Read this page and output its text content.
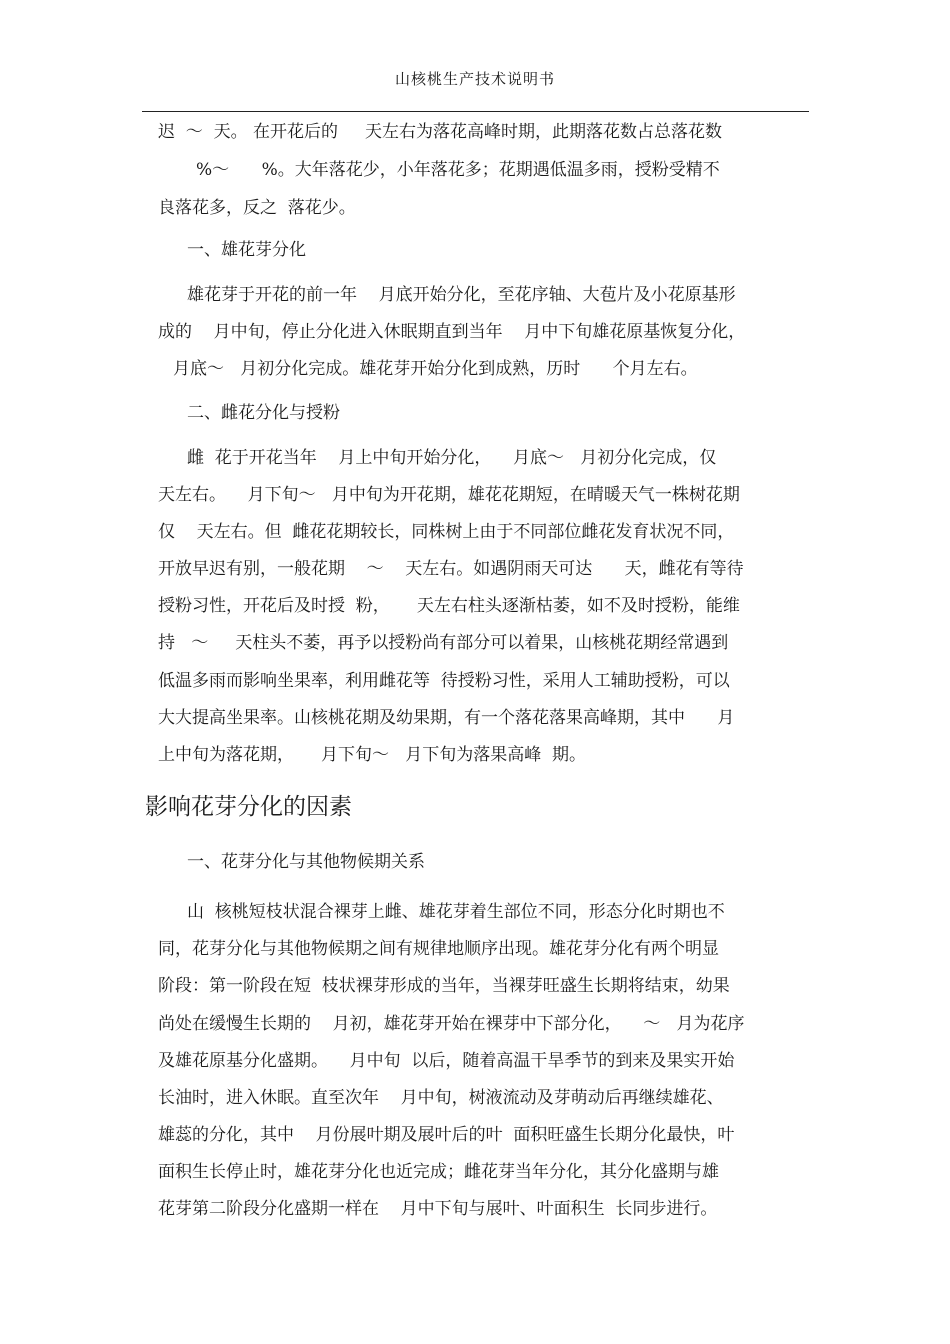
山核桃生产技术说明书
迟  ～  天。 在开花后的     天左右为落花高峰时期，此期落花数占总落花数
%～      %。大年落花少，小年落花多；花期遇低温多雨，授粉受精不
良落花多，反之  落花少。
一、雄花芽分化
雄花芽于开花的前一年    月底开始分化，至花序轴、大苞片及小花原基形
成的    月中旬，停止分化进入休眠期直到当年    月中下旬雄花原基恢复分化，
月底～   月初分化完成。雄花芽开始分化到成熟，历时      个月左右。
二、雌花分化与授粉
雌  花于开花当年    月上中旬开始分化，    月底～   月初分化完成，仅
天左右。    月下旬～   月中旬为开花期，雄花花期短，在晴暖天气一株树花期
仅    天左右。但  雌花花期较长，同株树上由于不同部位雌花发育状况不同，
开放早迟有别，一般花期    ～    天左右。如遇阴雨天可达      天，雌花有等待
授粉习性，开花后及时授  粉，     天左右柱头逐渐枯萎，如不及时授粉，能维
持   ～     天柱头不萎，再予以授粉尚有部分可以着果，山核桃花期经常遇到
低温多雨而影响坐果率，利用雌花等  待授粉习性，采用人工辅助授粉，可以
大大提高坐果率。山核桃花期及幼果期，有一个落花落果高峰期，其中      月
上中旬为落花期，     月下旬～   月下旬为落果高峰  期。
影响花芽分化的因素
一、花芽分化与其他物候期关系
山  核桃短枝状混合裸芽上雌、雄花芽着生部位不同，形态分化时期也不
同，花芽分化与其他物候期之间有规律地顺序出现。雄花芽分化有两个明显
阶段：第一阶段在短  枝状裸芽形成的当年，当裸芽旺盛生长期将结束，幼果
尚处在缓慢生长期的    月初，雄花芽开始在裸芽中下部分化，    ～   月为花序
及雄花原基分化盛期。    月中旬  以后，随着高温干旱季节的到来及果实开始
长油时，进入休眠。直至次年    月中旬，树液流动及芽萌动后再继续雄花、
雄蕊的分化，其中    月份展叶期及展叶后的叶  面积旺盛生长期分化最快，叶
面积生长停止时，雄花芽分化也近完成；雌花芽当年分化，其分化盛期与雄
花芽第二阶段分化盛期一样在    月中下旬与展叶、叶面积生  长同步进行。
